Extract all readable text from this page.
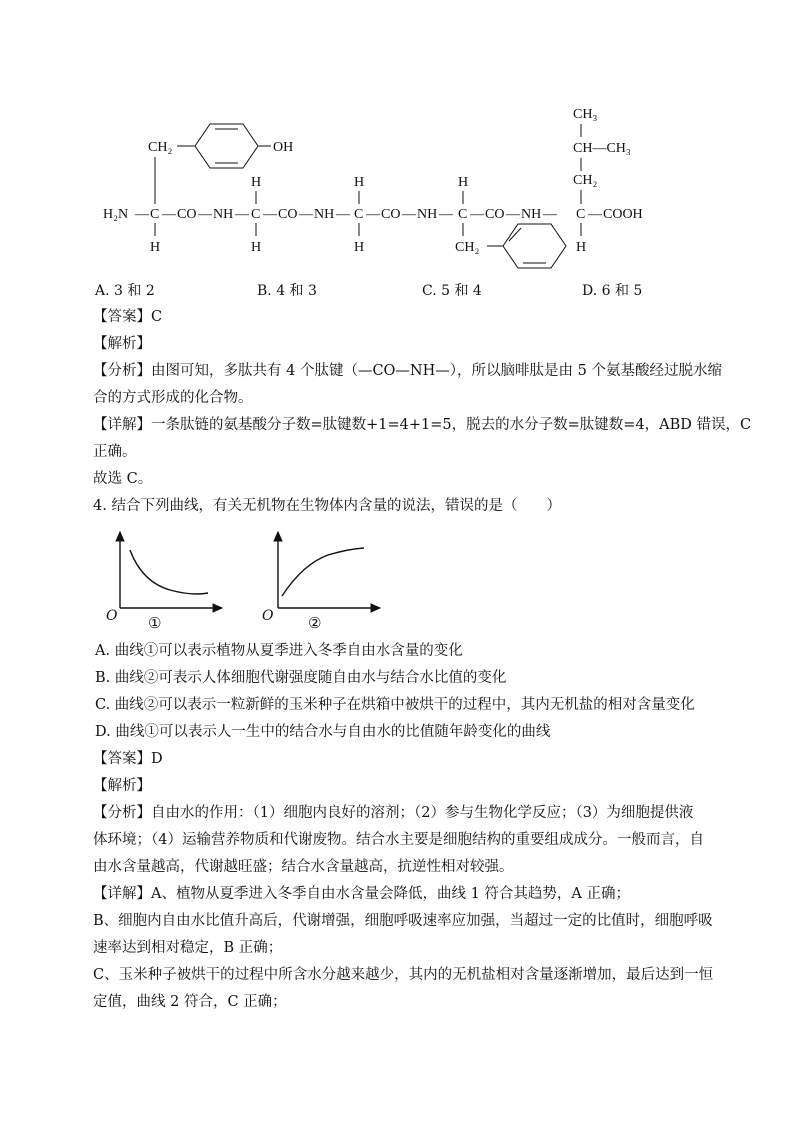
CH₃
CH—CH₃
CH₂
CH₂	OH
H₂N — C — CO — NH — C — CO — NH — C — CO — NH — C — CO — NH — C — COOH
H	H	H
H	H	H	H
CH₂
A. 3 和 2	B. 4 和 3	C. 5 和 4	D. 6 和 5
【答案】C
【解析】
【分析】由图可知，多肽共有 4 个肽键（—CO—NH—），所以脑啡肽是由 5 个氨基酸经过脱水缩
合的方式形成的化合物。
【详解】一条肽链的氨基酸分子数=肽键数+1=4+1=5，脱去的水分子数=肽键数=4，ABD 错误，C
正确。
故选 C。
4. 结合下列曲线，有关无机物在生物体内含量的说法，错误的是（　　）
O ①	O ②
A. 曲线①可以表示植物从夏季进入冬季自由水含量的变化
B. 曲线②可表示人体细胞代谢强度随自由水与结合水比值的变化
C. 曲线②可以表示一粒新鲜的玉米种子在烘箱中被烘干的过程中，其内无机盐的相对含量变化
D. 曲线①可以表示人一生中的结合水与自由水的比值随年龄变化的曲线
【答案】D
【解析】
【分析】自由水的作用：（1）细胞内良好的溶剂；（2）参与生物化学反应；（3）为细胞提供液
体环境；（4）运输营养物质和代谢废物。结合水主要是细胞结构的重要组成成分。一般而言，自
由水含量越高，代谢越旺盛；结合水含量越高，抗逆性相对较强。
【详解】A、植物从夏季进入冬季自由水含量会降低，曲线 1 符合其趋势，A 正确；
B、细胞内自由水比值升高后，代谢增强，细胞呼吸速率应加强，当超过一定的比值时，细胞呼吸
速率达到相对稳定，B 正确；
C、玉米种子被烘干的过程中所含水分越来越少，其内的无机盐相对含量逐渐增加，最后达到一恒
定值，曲线 2 符合，C 正确；
